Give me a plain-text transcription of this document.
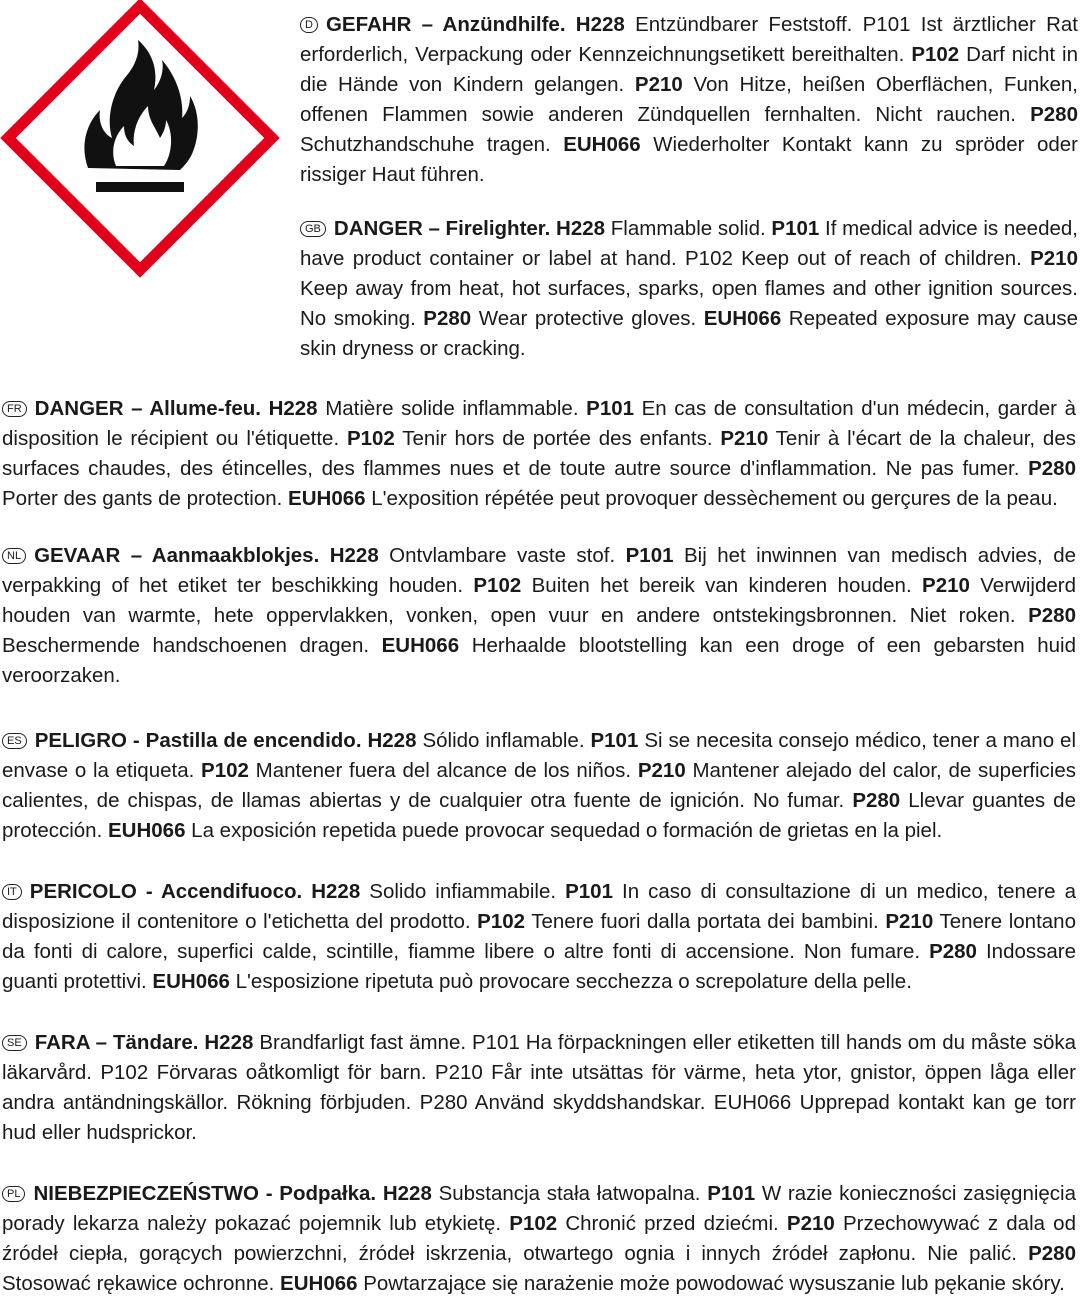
D GEFAHR – Anzündhilfe. H228 Entzündbarer Feststoff. P101 Ist ärztlicher Rat erforderlich, Verpackung oder Kennzeichnungsetikett bereithalten. P102 Darf nicht in die Hände von Kindern gelangen. P210 Von Hitze, heißen Oberflächen, Funken, offenen Flammen sowie anderen Zündquellen fernhalten. Nicht rauchen. P280 Schutzhandschuhe tragen. EUH066 Wiederholter Kontakt kann zu spröder oder rissiger Haut führen.
GB DANGER – Firelighter. H228 Flammable solid. P101 If medical advice is needed, have product container or label at hand. P102 Keep out of reach of children. P210 Keep away from heat, hot surfaces, sparks, open flames and other ignition sources. No smoking. P280 Wear protective gloves. EUH066 Repeated exposure may cause skin dryness or cracking.
FR DANGER – Allume-feu. H228 Matière solide inflammable. P101 En cas de consultation d'un médecin, garder à disposition le récipient ou l'étiquette. P102 Tenir hors de portée des enfants. P210 Tenir à l'écart de la chaleur, des surfaces chaudes, des étincelles, des flammes nues et de toute autre source d'inflammation. Ne pas fumer. P280 Porter des gants de protection. EUH066 L'exposition répétée peut provoquer dessèchement ou gerçures de la peau.
NL GEVAAR – Aanmaakblokjes. H228 Ontvlambare vaste stof. P101 Bij het inwinnen van medisch advies, de verpakking of het etiket ter beschikking houden. P102 Buiten het bereik van kinderen houden. P210 Verwijderd houden van warmte, hete oppervlakken, vonken, open vuur en andere ontstekingsbronnen. Niet roken. P280 Beschermende handschoenen dragen. EUH066 Herhaalde blootstelling kan een droge of een gebarsten huid veroorzaken.
ES PELIGRO - Pastilla de encendido. H228 Sólido inflamable. P101 Si se necesita consejo médico, tener a mano el envase o la etiqueta. P102 Mantener fuera del alcance de los niños. P210 Mantener alejado del calor, de superficies calientes, de chispas, de llamas abiertas y de cualquier otra fuente de ignición. No fumar. P280 Llevar guantes de protección. EUH066 La exposición repetida puede provocar sequedad o formación de grietas en la piel.
IT PERICOLO - Accendifuoco. H228 Solido infiammabile. P101 In caso di consultazione di un medico, tenere a disposizione il contenitore o l'etichetta del prodotto. P102 Tenere fuori dalla portata dei bambini. P210 Tenere lontano da fonti di calore, superfici calde, scintille, fiamme libere o altre fonti di accensione. Non fumare. P280 Indossare guanti protettivi. EUH066 L'esposizione ripetuta può provocare secchezza o screpolature della pelle.
SE FARA – Tändare. H228 Brandfarligt fast ämne. P101 Ha förpackningen eller etiketten till hands om du måste söka läkarvård. P102 Förvaras oåtkomligt för barn. P210 Får inte utsättas för värme, heta ytor, gnistor, öppen låga eller andra antändningskällor. Rökning förbjuden. P280 Använd skyddshandskar. EUH066 Upprepad kontakt kan ge torr hud eller hudsprickor.
PL NIEBEZPIECZEŃSTWO - Podpałka. H228 Substancja stała łatwopalna. P101 W razie konieczności zasięgnięcia porady lekarza należy pokazać pojemnik lub etykietę. P102 Chronić przed dziećmi. P210 Przechowywać z dala od źródeł ciepła, gorących powierzchni, źródeł iskrzenia, otwartego ognia i innych źródeł zapłonu. Nie palić. P280 Stosować rękawice ochronne. EUH066 Powtarzające się narażenie może powodować wysuszanie lub pękanie skóry.
